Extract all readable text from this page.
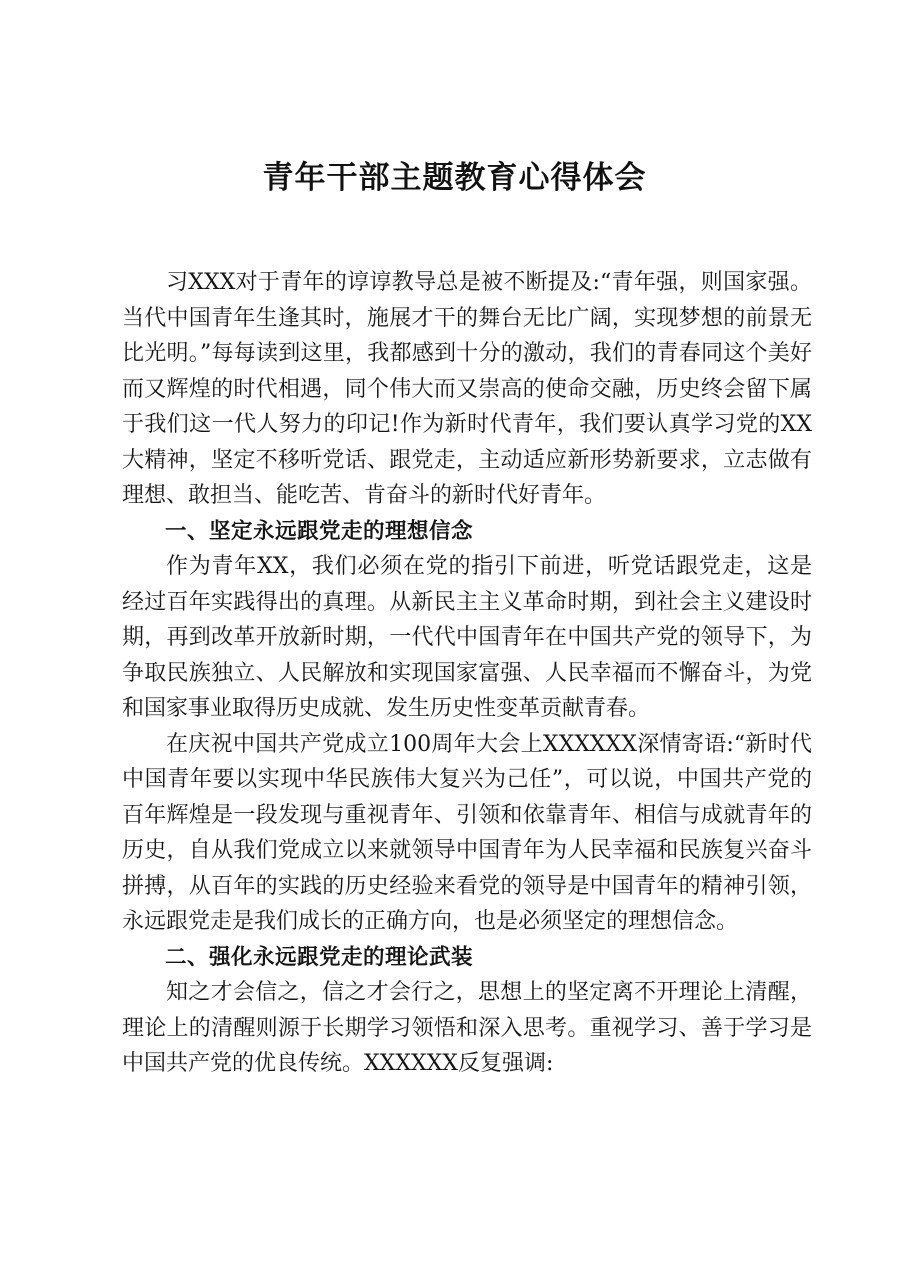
青年干部主题教育心得体会

习XXX对于青年的谆谆教导总是被不断提及:“青年强，则国家强。当代中国青年生逢其时，施展才干的舞台无比广阔，实现梦想的前景无比光明。”每每读到这里，我都感到十分的激动，我们的青春同这个美好而又辉煌的时代相遇，同个伟大而又崇高的使命交融，历史终会留下属于我们这一代人努力的印记!作为新时代青年，我们要认真学习党的XX大精神，坚定不移听党话、跟党走，主动适应新形势新要求，立志做有理想、敢担当、能吃苦、肯奋斗的新时代好青年。

一、坚定永远跟党走的理想信念

作为青年XX，我们必须在党的指引下前进，听党话跟党走，这是经过百年实践得出的真理。从新民主主义革命时期，到社会主义建设时期，再到改革开放新时期，一代代中国青年在中国共产党的领导下，为争取民族独立、人民解放和实现国家富强、人民幸福而不懈奋斗，为党和国家事业取得历史成就、发生历史性变革贡献青春。

在庆祝中国共产党成立100周年大会上XXXXXX深情寄语:“新时代中国青年要以实现中华民族伟大复兴为己任”，可以说，中国共产党的百年辉煌是一段发现与重视青年、引领和依靠青年、相信与成就青年的历史，自从我们党成立以来就领导中国青年为人民幸福和民族复兴奋斗拼搏，从百年的实践的历史经验来看党的领导是中国青年的精神引领，永远跟党走是我们成长的正确方向，也是必须坚定的理想信念。

二、强化永远跟党走的理论武装

知之才会信之，信之才会行之，思想上的坚定离不开理论上清醒，理论上的清醒则源于长期学习领悟和深入思考。重视学习、善于学习是中国共产党的优良传统。XXXXXX反复强调:
